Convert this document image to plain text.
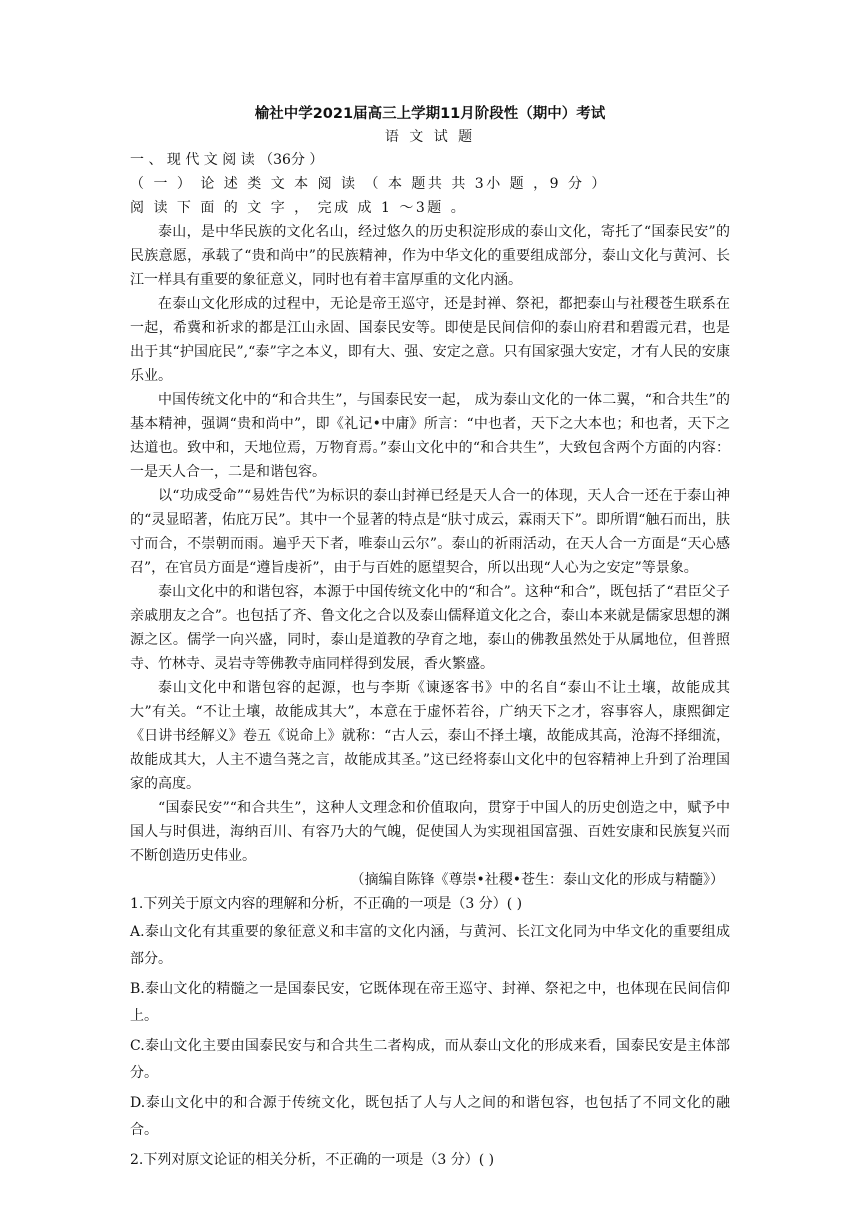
榆社中学2021届高三上学期11月阶段性（期中）考试
语 文 试 题
一 、 现 代 文 阅 读 （36分 ）
（ 一 ） 论 述 类 文 本 阅 读 （ 本 题共 共 3小 题 ，9 分 ）
阅 读 下 面 的 文 字 ， 完成 成 1 ～3题 。

泰山，是中华民族的文化名山，经过悠久的历史积淀形成的泰山文化，寄托了“国泰民安”的民族意愿，承载了“贵和尚中”的民族精神，作为中华文化的重要组成部分，泰山文化与黄河、长江一样具有重要的象征意义，同时也有着丰富厚重的文化内涵。

在泰山文化形成的过程中，无论是帝王巡守，还是封禅、祭祀，都把泰山与社稷苍生联系在一起，希冀和祈求的都是江山永固、国泰民安等。即使是民间信仰的泰山府君和碧霞元君，也是出于其“护国庇民”,“泰”字之本义，即有大、强、安定之意。只有国家强大安定，才有人民的安康乐业。

中国传统文化中的“和合共生”，与国泰民安一起， 成为泰山文化的一体二翼，“和合共生”的基本精神，强调“贵和尚中”，即《礼记•中庸》所言：“中也者，天下之大本也；和也者，天下之达道也。致中和，天地位焉，万物育焉。”泰山文化中的“和合共生”，大致包含两个方面的内容：一是天人合一，二是和谐包容。

以“功成受命”“易姓告代”为标识的泰山封禅已经是天人合一的体现，天人合一还在于泰山神的“灵显昭著，佑庇万民”。其中一个显著的特点是“肤寸成云，霖雨天下”。即所谓“触石而出，肤寸而合，不崇朝而雨。遍乎天下者，唯泰山云尔”。泰山的祈雨活动，在天人合一方面是“天心感召”，在官员方面是“遵旨虔祈”，由于与百姓的愿望契合，所以出现“人心为之安定”等景象。

泰山文化中的和谐包容，本源于中国传统文化中的“和合”。这种“和合”，既包括了“君臣父子亲戚朋友之合”。也包括了齐、鲁文化之合以及泰山儒释道文化之合，泰山本来就是儒家思想的渊源之区。儒学一向兴盛，同时，泰山是道教的孕育之地，泰山的佛教虽然处于从属地位，但普照寺、竹林寺、灵岩寺等佛教寺庙同样得到发展，香火繁盛。

泰山文化中和谐包容的起源，也与李斯《谏逐客书》中的名自“泰山不让土壤，故能成其大”有关。“不让土壤，故能成其大”，本意在于虚怀若谷，广纳天下之才，容事容人，康熙御定《日讲书经解义》卷五《说命上》就称：“古人云，泰山不择土壤，故能成其高，沧海不择细流，故能成其大，人主不遗刍荛之言，故能成其圣。”这已经将泰山文化中的包容精神上升到了治理国家的高度。

“国泰民安”“和合共生”，这种人文理念和价值取向，贯穿于中国人的历史创造之中，赋予中国人与时俱进，海纳百川、有容乃大的气魄，促使国人为实现祖国富强、百姓安康和民族复兴而不断创造历史伟业。

（摘编自陈锋《尊崇•社稷•苍生：泰山文化的形成与精髓》）

1.下列关于原文内容的理解和分析，不正确的一项是（3 分）( )

A.泰山文化有其重要的象征意义和丰富的文化内涵，与黄河、长江文化同为中华文化的重要组成部分。

B.泰山文化的精髓之一是国泰民安，它既体现在帝王巡守、封禅、祭祀之中，也体现在民间信仰上。

C.泰山文化主要由国泰民安与和合共生二者构成，而从泰山文化的形成来看，国泰民安是主体部分。

D.泰山文化中的和合源于传统文化，既包括了人与人之间的和谐包容，也包括了不同文化的融合。

2.下列对原文论证的相关分析，不正确的一项是（3 分）( )
